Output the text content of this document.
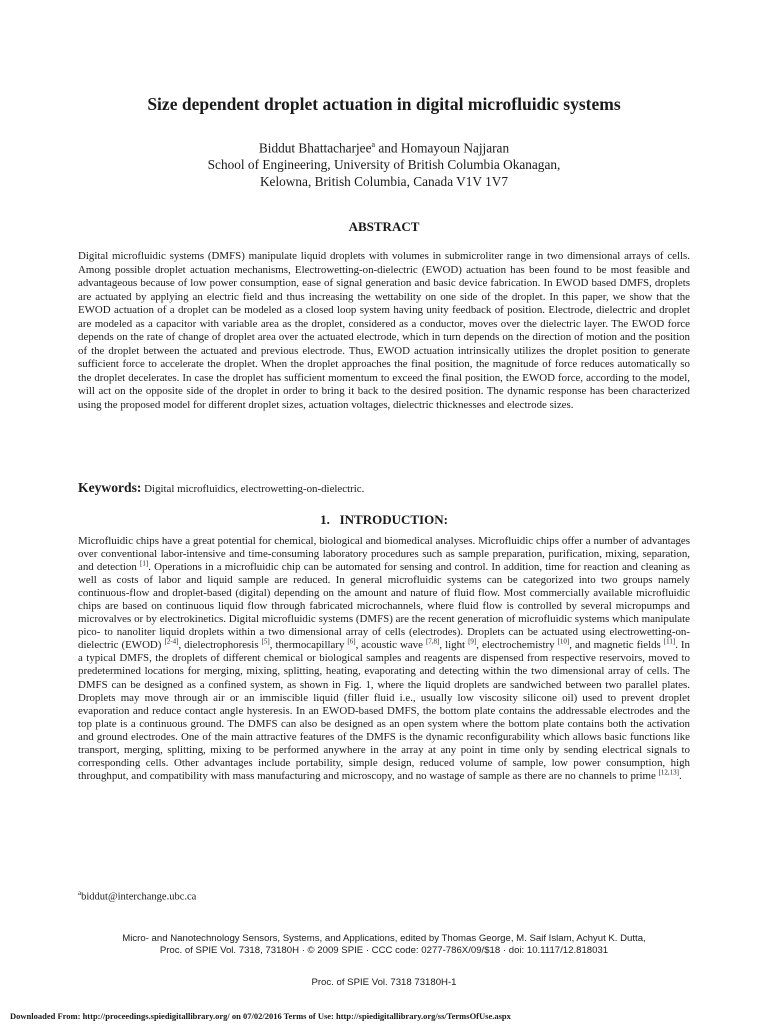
Size dependent droplet actuation in digital microfluidic systems
Biddut Bhattacharjee$^a$ and Homayoun Najjaran
School of Engineering, University of British Columbia Okanagan,
Kelowna, British Columbia, Canada V1V 1V7
ABSTRACT
Digital microfluidic systems (DMFS) manipulate liquid droplets with volumes in submicroliter range in two dimensional arrays of cells. Among possible droplet actuation mechanisms, Electrowetting-on-dielectric (EWOD) actuation has been found to be most feasible and advantageous because of low power consumption, ease of signal generation and basic device fabrication. In EWOD based DMFS, droplets are actuated by applying an electric field and thus increasing the wettability on one side of the droplet. In this paper, we show that the EWOD actuation of a droplet can be modeled as a closed loop system having unity feedback of position. Electrode, dielectric and droplet are modeled as a capacitor with variable area as the droplet, considered as a conductor, moves over the dielectric layer. The EWOD force depends on the rate of change of droplet area over the actuated electrode, which in turn depends on the direction of motion and the position of the droplet between the actuated and previous electrode. Thus, EWOD actuation intrinsically utilizes the droplet position to generate sufficient force to accelerate the droplet. When the droplet approaches the final position, the magnitude of force reduces automatically so the droplet decelerates. In case the droplet has sufficient momentum to exceed the final position, the EWOD force, according to the model, will act on the opposite side of the droplet in order to bring it back to the desired position. The dynamic response has been characterized using the proposed model for different droplet sizes, actuation voltages, dielectric thicknesses and electrode sizes.
Keywords: Digital microfluidics, electrowetting-on-dielectric.
1.   INTRODUCTION:
Microfluidic chips have a great potential for chemical, biological and biomedical analyses. Microfluidic chips offer a number of advantages over conventional labor-intensive and time-consuming laboratory procedures such as sample preparation, purification, mixing, separation, and detection [1]. Operations in a microfluidic chip can be automated for sensing and control. In addition, time for reaction and cleaning as well as costs of labor and liquid sample are reduced. In general microfluidic systems can be categorized into two groups namely continuous-flow and droplet-based (digital) depending on the amount and nature of fluid flow. Most commercially available microfluidic chips are based on continuous liquid flow through fabricated microchannels, where fluid flow is controlled by several micropumps and microvalves or by electrokinetics. Digital microfluidic systems (DMFS) are the recent generation of microfluidic systems which manipulate pico- to nanoliter liquid droplets within a two dimensional array of cells (electrodes). Droplets can be actuated using electrowetting-on-dielectric (EWOD) [2-4], dielectrophoresis [5], thermocapillary [6], acoustic wave [7,8], light [9], electrochemistry [10], and magnetic fields [11]. In a typical DMFS, the droplets of different chemical or biological samples and reagents are dispensed from respective reservoirs, moved to predetermined locations for merging, mixing, splitting, heating, evaporating and detecting within the two dimensional array of cells. The DMFS can be designed as a confined system, as shown in Fig. 1, where the liquid droplets are sandwiched between two parallel plates. Droplets may move through air or an immiscible liquid (filler fluid i.e., usually low viscosity silicone oil) used to prevent droplet evaporation and reduce contact angle hysteresis. In an EWOD-based DMFS, the bottom plate contains the addressable electrodes and the top plate is a continuous ground. The DMFS can also be designed as an open system where the bottom plate contains both the activation and ground electrodes. One of the main attractive features of the DMFS is the dynamic reconfigurability which allows basic functions like transport, merging, splitting, mixing to be performed anywhere in the array at any point in time only by sending electrical signals to corresponding cells. Other advantages include portability, simple design, reduced volume of sample, low power consumption, high throughput, and compatibility with mass manufacturing and microscopy, and no wastage of sample as there are no channels to prime [12,13].
$^a$biddut@interchange.ubc.ca
Micro- and Nanotechnology Sensors, Systems, and Applications, edited by Thomas George, M. Saif Islam, Achyut K. Dutta,
Proc. of SPIE Vol. 7318, 73180H · © 2009 SPIE · CCC code: 0277-786X/09/$18 · doi: 10.1117/12.818031
Proc. of SPIE Vol. 7318 73180H-1
Downloaded From: http://proceedings.spiedigitallibrary.org/ on 07/02/2016 Terms of Use: http://spiedigitallibrary.org/ss/TermsOfUse.aspx
